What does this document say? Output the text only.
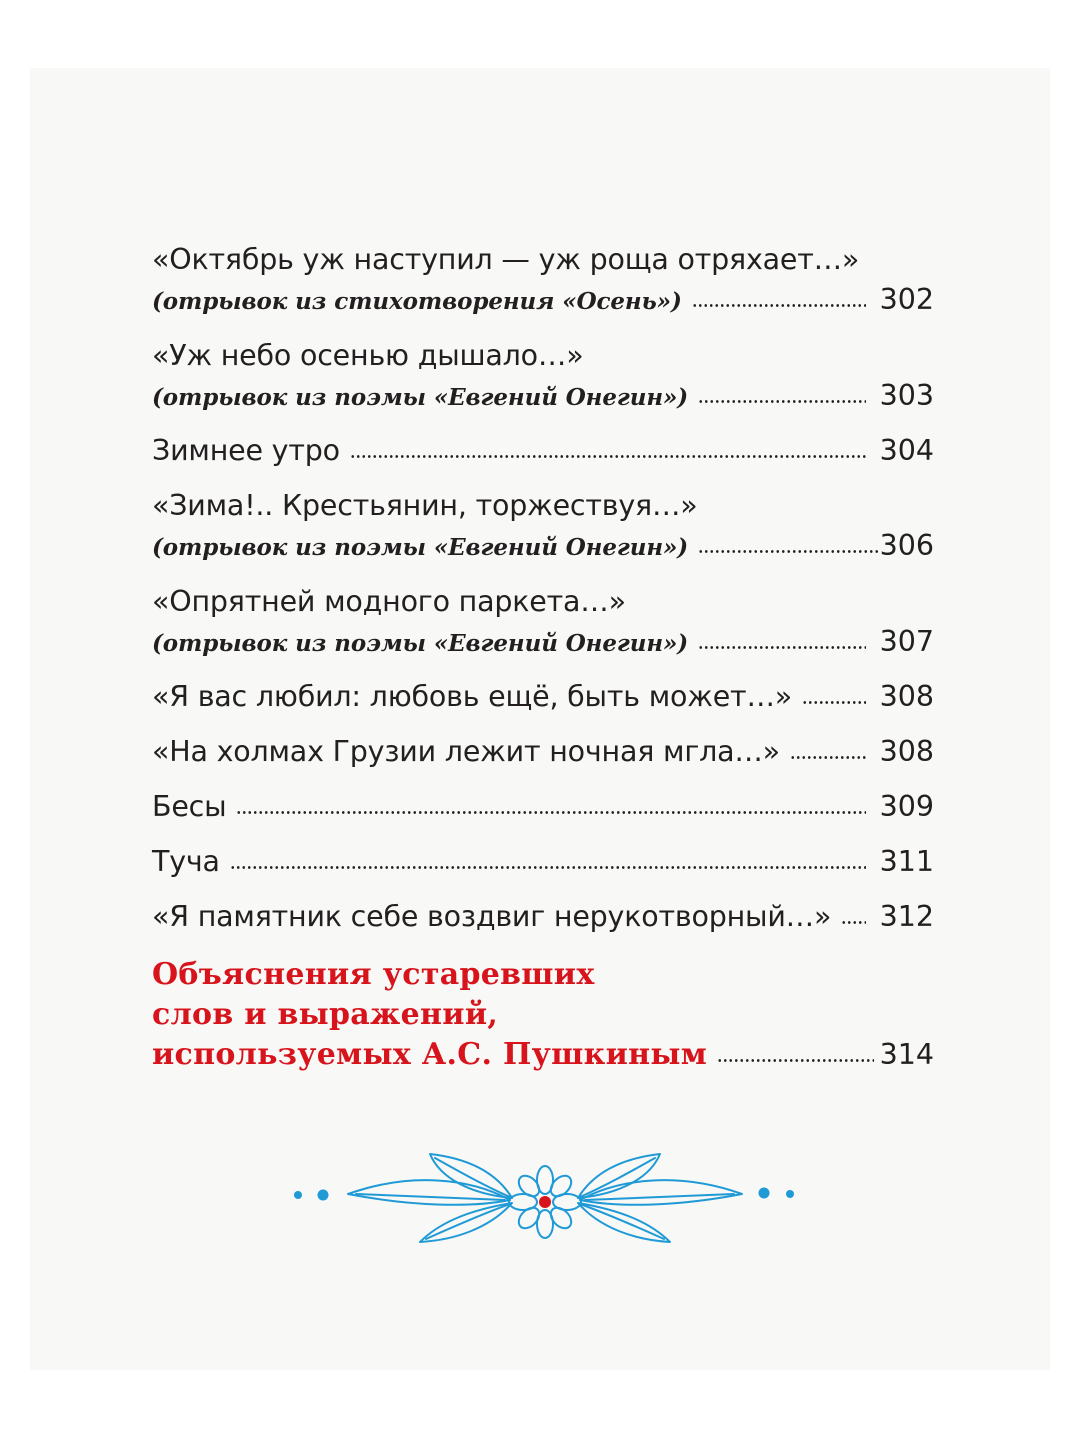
«Октябрь уж наступил — уж роща отряхает…»
(отрывок из стихотворения «Осень»)	302
«Уж небо осенью дышало…»
(отрывок из поэмы «Евгений Онегин»)	303
Зимнее утро	304
«Зима!.. Крестьянин, торжествуя…»
(отрывок из поэмы «Евгений Онегин»)	306
«Опрятней модного паркета…»
(отрывок из поэмы «Евгений Онегин»)	307
«Я вас любил: любовь ещё, быть может…»	308
«На холмах Грузии лежит ночная мгла…»	308
Бесы	309
Туча	311
«Я памятник себе воздвиг нерукотворный…» 312
Объяснения устаревших
слов и выражений,
используемых А.С. Пушкиным	314
